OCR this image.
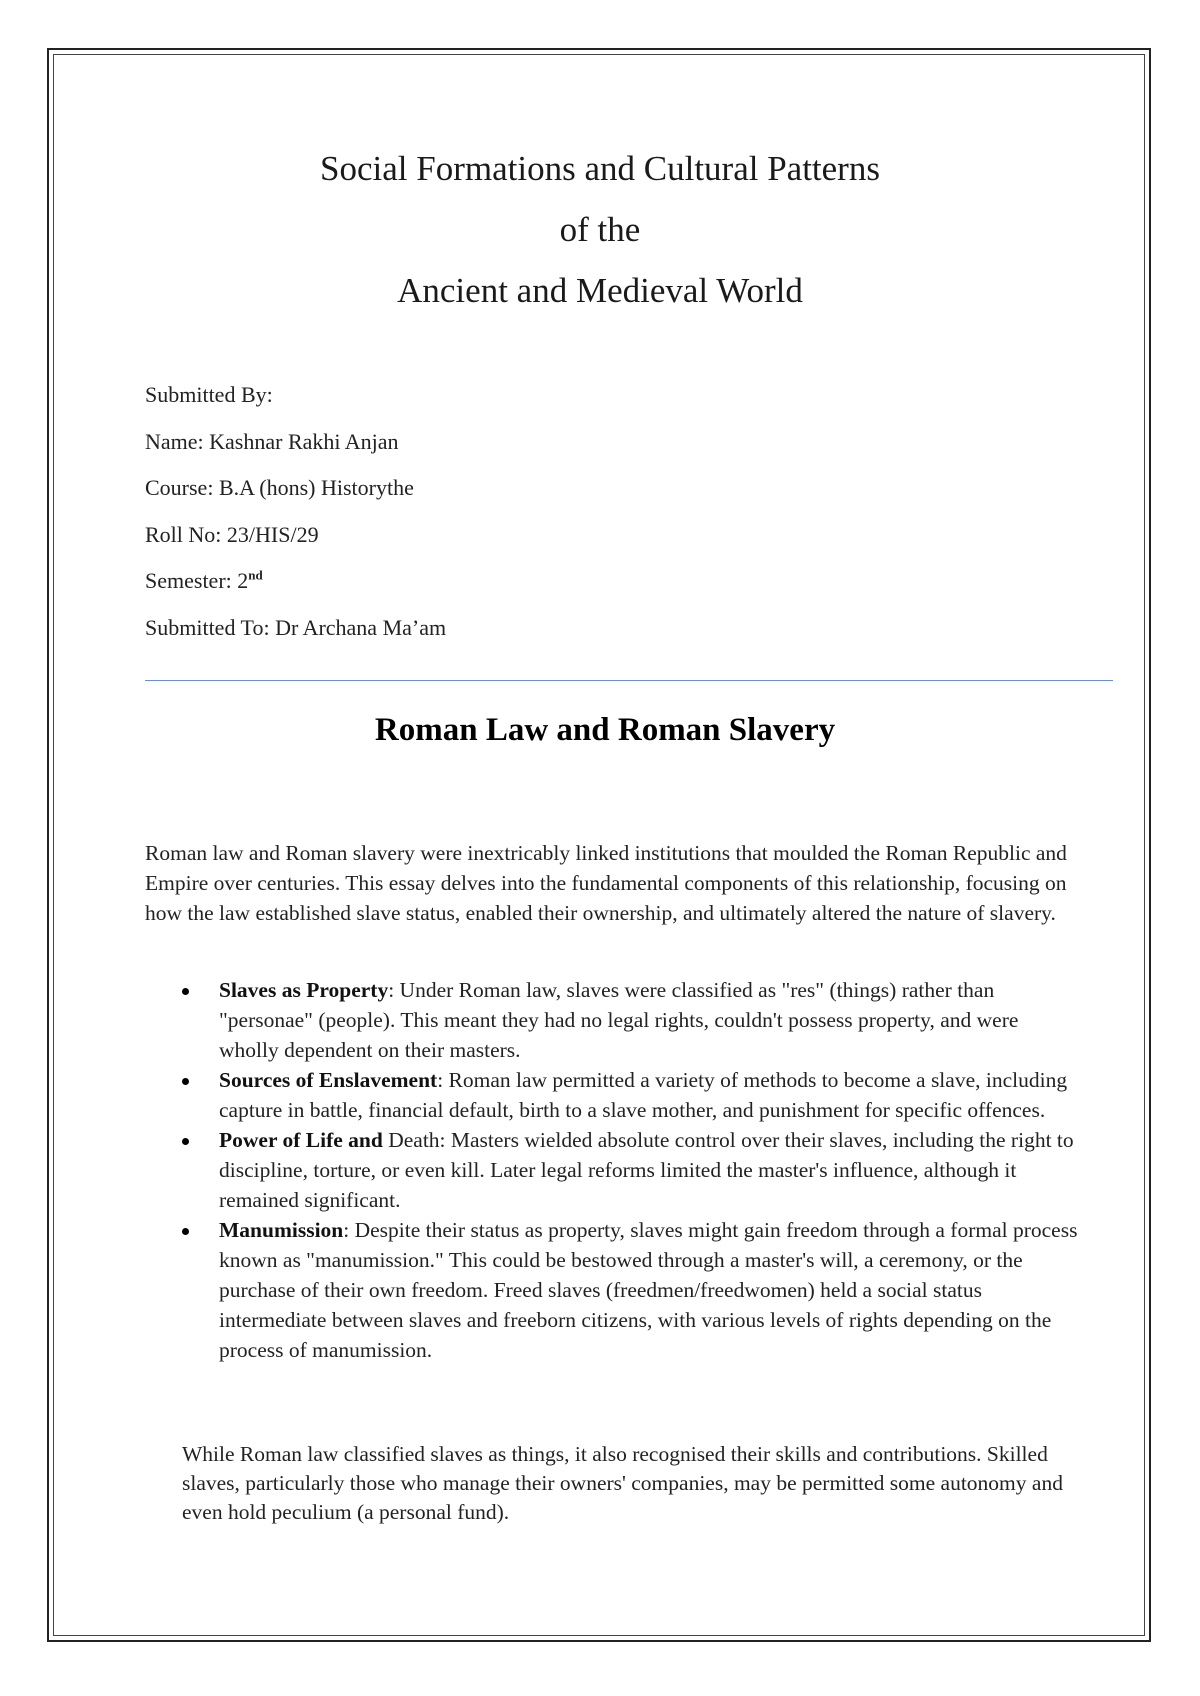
Social Formations and Cultural Patterns
of the
Ancient and Medieval World
Submitted By:
Name: Kashnar Rakhi Anjan
Course: B.A (hons) Historythe
Roll No: 23/HIS/29
Semester: 2nd
Submitted To: Dr Archana Ma’am
Roman Law and Roman Slavery

Roman law and Roman slavery were inextricably linked institutions that moulded the Roman Republic and Empire over centuries. This essay delves into the fundamental components of this relationship, focusing on how the law established slave status, enabled their ownership, and ultimately altered the nature of slavery.

Slaves as Property: Under Roman law, slaves were classified as "res" (things) rather than "personae" (people). This meant they had no legal rights, couldn't possess property, and were wholly dependent on their masters.
Sources of Enslavement: Roman law permitted a variety of methods to become a slave, including capture in battle, financial default, birth to a slave mother, and punishment for specific offences.
Power of Life and Death: Masters wielded absolute control over their slaves, including the right to discipline, torture, or even kill. Later legal reforms limited the master's influence, although it remained significant.
Manumission: Despite their status as property, slaves might gain freedom through a formal process known as "manumission." This could be bestowed through a master's will, a ceremony, or the purchase of their own freedom. Freed slaves (freedmen/freedwomen) held a social status intermediate between slaves and freeborn citizens, with various levels of rights depending on the process of manumission.

While Roman law classified slaves as things, it also recognised their skills and contributions. Skilled slaves, particularly those who manage their owners' companies, may be permitted some autonomy and even hold peculium (a personal fund).
